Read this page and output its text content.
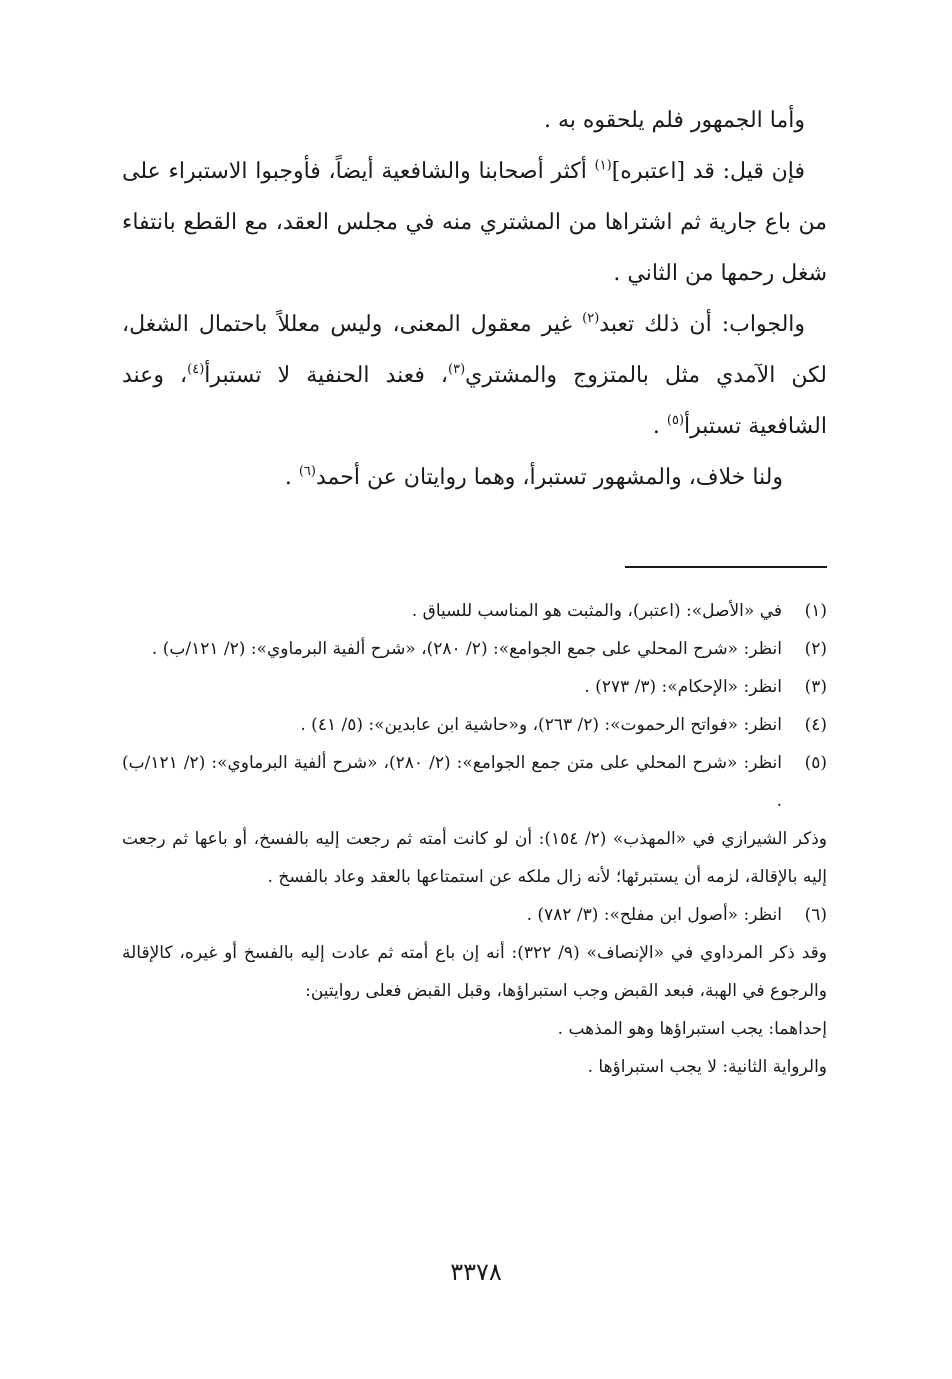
وأما الجمهور فلم يلحقوه به .

فإن قيل: قد [اعتبره]$^{(١)}$ أكثر أصحابنا والشافعية أيضاً، فأوجبوا الاستبراء على من باع جارية ثم اشتراها من المشتري منه في مجلس العقد، مع القطع بانتفاء شغل رحمها من الثاني .

والجواب: أن ذلك تعبد$^{(٢)}$ غير معقول المعنى، وليس معللاً باحتمال الشغل، لكن الآمدي مثل بالمتزوج والمشتري$^{(٣)}$، فعند الحنفية لا تستبرأ$^{(٤)}$، وعند الشافعية تستبرأ$^{(٥)}$ .

ولنا خلاف، والمشهور تستبرأ، وهما روايتان عن أحمد$^{(٦)}$ .

(١)
في «الأصل»: (اعتبر)، والمثبت هو المناسب للسياق .
(٢)
انظر: «شرح المحلي على جمع الجوامع»: (٢/ ٢٨٠)، «شرح ألفية البرماوي»: (٢/ ١٢١/ب) .
(٣)
انظر: «الإحكام»: (٣/ ٢٧٣) .
(٤)
انظر: «فواتح الرحموت»: (٢/ ٢٦٣)، و«حاشية ابن عابدين»: (٥/ ٤١) .
(٥)
انظر: «شرح المحلي على متن جمع الجوامع»: (٢/ ٢٨٠)، «شرح ألفية البرماوي»: (٢/ ١٢١/ب) .

وذكر الشيرازي في «المهذب» (٢/ ١٥٤): أن لو كانت أمته ثم رجعت إليه بالفسخ، أو باعها ثم رجعت إليه بالإقالة، لزمه أن يستبرئها؛ لأنه زال ملكه عن استمتاعها بالعقد وعاد بالفسخ .

(٦)
انظر: «أصول ابن مفلح»: (٣/ ٧٨٢) .

وقد ذكر المرداوي في «الإنصاف» (٩/ ٣٢٢): أنه إن باع أمته ثم عادت إليه بالفسخ أو غيره، كالإقالة والرجوع في الهبة، فبعد القبض وجب استبراؤها، وقبل القبض فعلى روايتين:

إحداهما: يجب استبراؤها وهو المذهب .

والرواية الثانية: لا يجب استبراؤها .

٣٣٧٨
